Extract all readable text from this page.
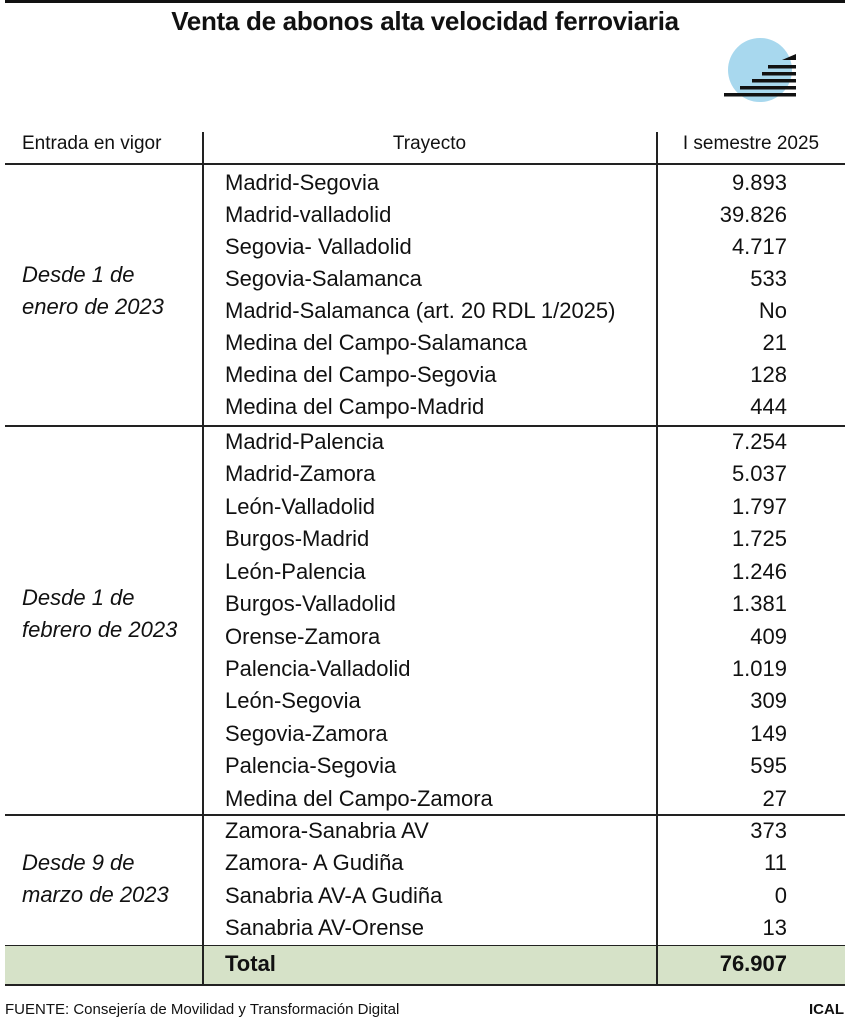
Venta de abonos alta velocidad ferroviaria
Entrada en vigor	Trayecto	I semestre 2025
Desde 1 de
enero de 2023
Madrid-Segovia	9.893
Madrid-valladolid	39.826
Segovia- Valladolid	4.717
Segovia-Salamanca	533
Madrid-Salamanca (art. 20 RDL 1/2025)	No
Medina del Campo-Salamanca	21
Medina del Campo-Segovia	128
Medina del Campo-Madrid	444
Desde 1 de
febrero de 2023
Madrid-Palencia	7.254
Madrid-Zamora	5.037
León-Valladolid	1.797
Burgos-Madrid	1.725
León-Palencia	1.246
Burgos-Valladolid	1.381
Orense-Zamora	409
Palencia-Valladolid	1.019
León-Segovia	309
Segovia-Zamora	149
Palencia-Segovia	595
Medina del Campo-Zamora	27
Desde 9 de
marzo de 2023
Zamora-Sanabria AV	373
Zamora- A Gudiña	11
Sanabria AV-A Gudiña	0
Sanabria AV-Orense	13
Total	76.907
FUENTE: Consejería de Movilidad y Transformación Digital	ICAL
